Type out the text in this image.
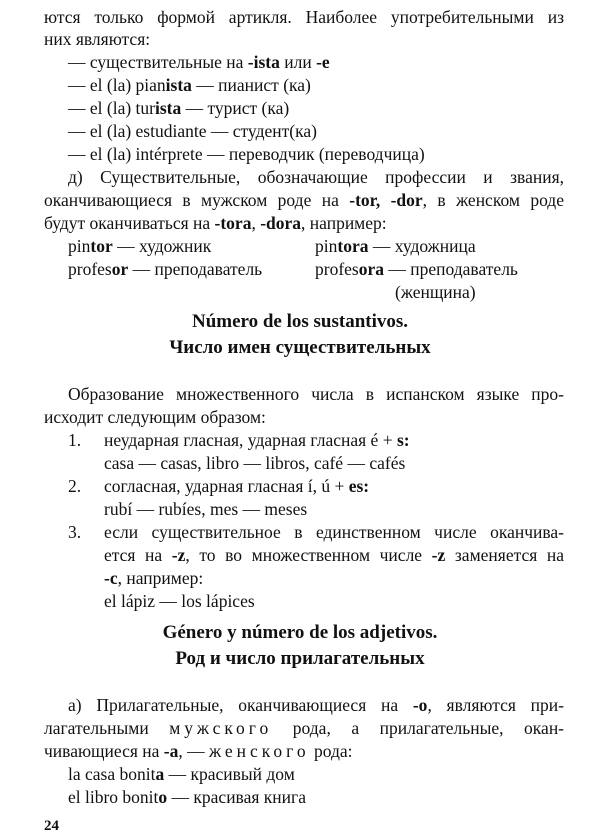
ются только формой артикля. Наиболее употребительными из
них являются:
— существительные на -ista или -e
— el (la) pianista — пианист (ка)
— el (la) turista — турист (ка)
— el (la) estudiante — студент(ка)
— el (la) intérprete — переводчик (переводчица)
д) Существительные, обозначающие профессии и звания,
оканчивающиеся в мужском роде на -tor, -dor, в женском роде
будут оканчиваться на -tora, -dora, например:
pintor — художник	pintora — художница
profesor — преподаватель	profesora — преподаватель
(женщина)
Número de los sustantivos.
Число имен существительных
Образование множественного числа в испанском языке про-
исходит следующим образом:
1. неударная гласная, ударная гласная é + s:
casa — casas, libro — libros, café — cafés
2. согласная, ударная гласная í, ú + es:
rubí — rubíes, mes — meses
3. если существительное в единственном числе оканчива-
ется на -z, то во множественном числе -z заменяется на
-c, например:
el lápiz — los lápices
Género y número de los adjetivos.
Род и число прилагательных
а) Прилагательные, оканчивающиеся на -o, являются при-
лагательными мужского рода, а прилагательные, окан-
чивающиеся на -a, — женского рода:
la casa bonita — красивый дом
el libro bonito — красивая книга
24
